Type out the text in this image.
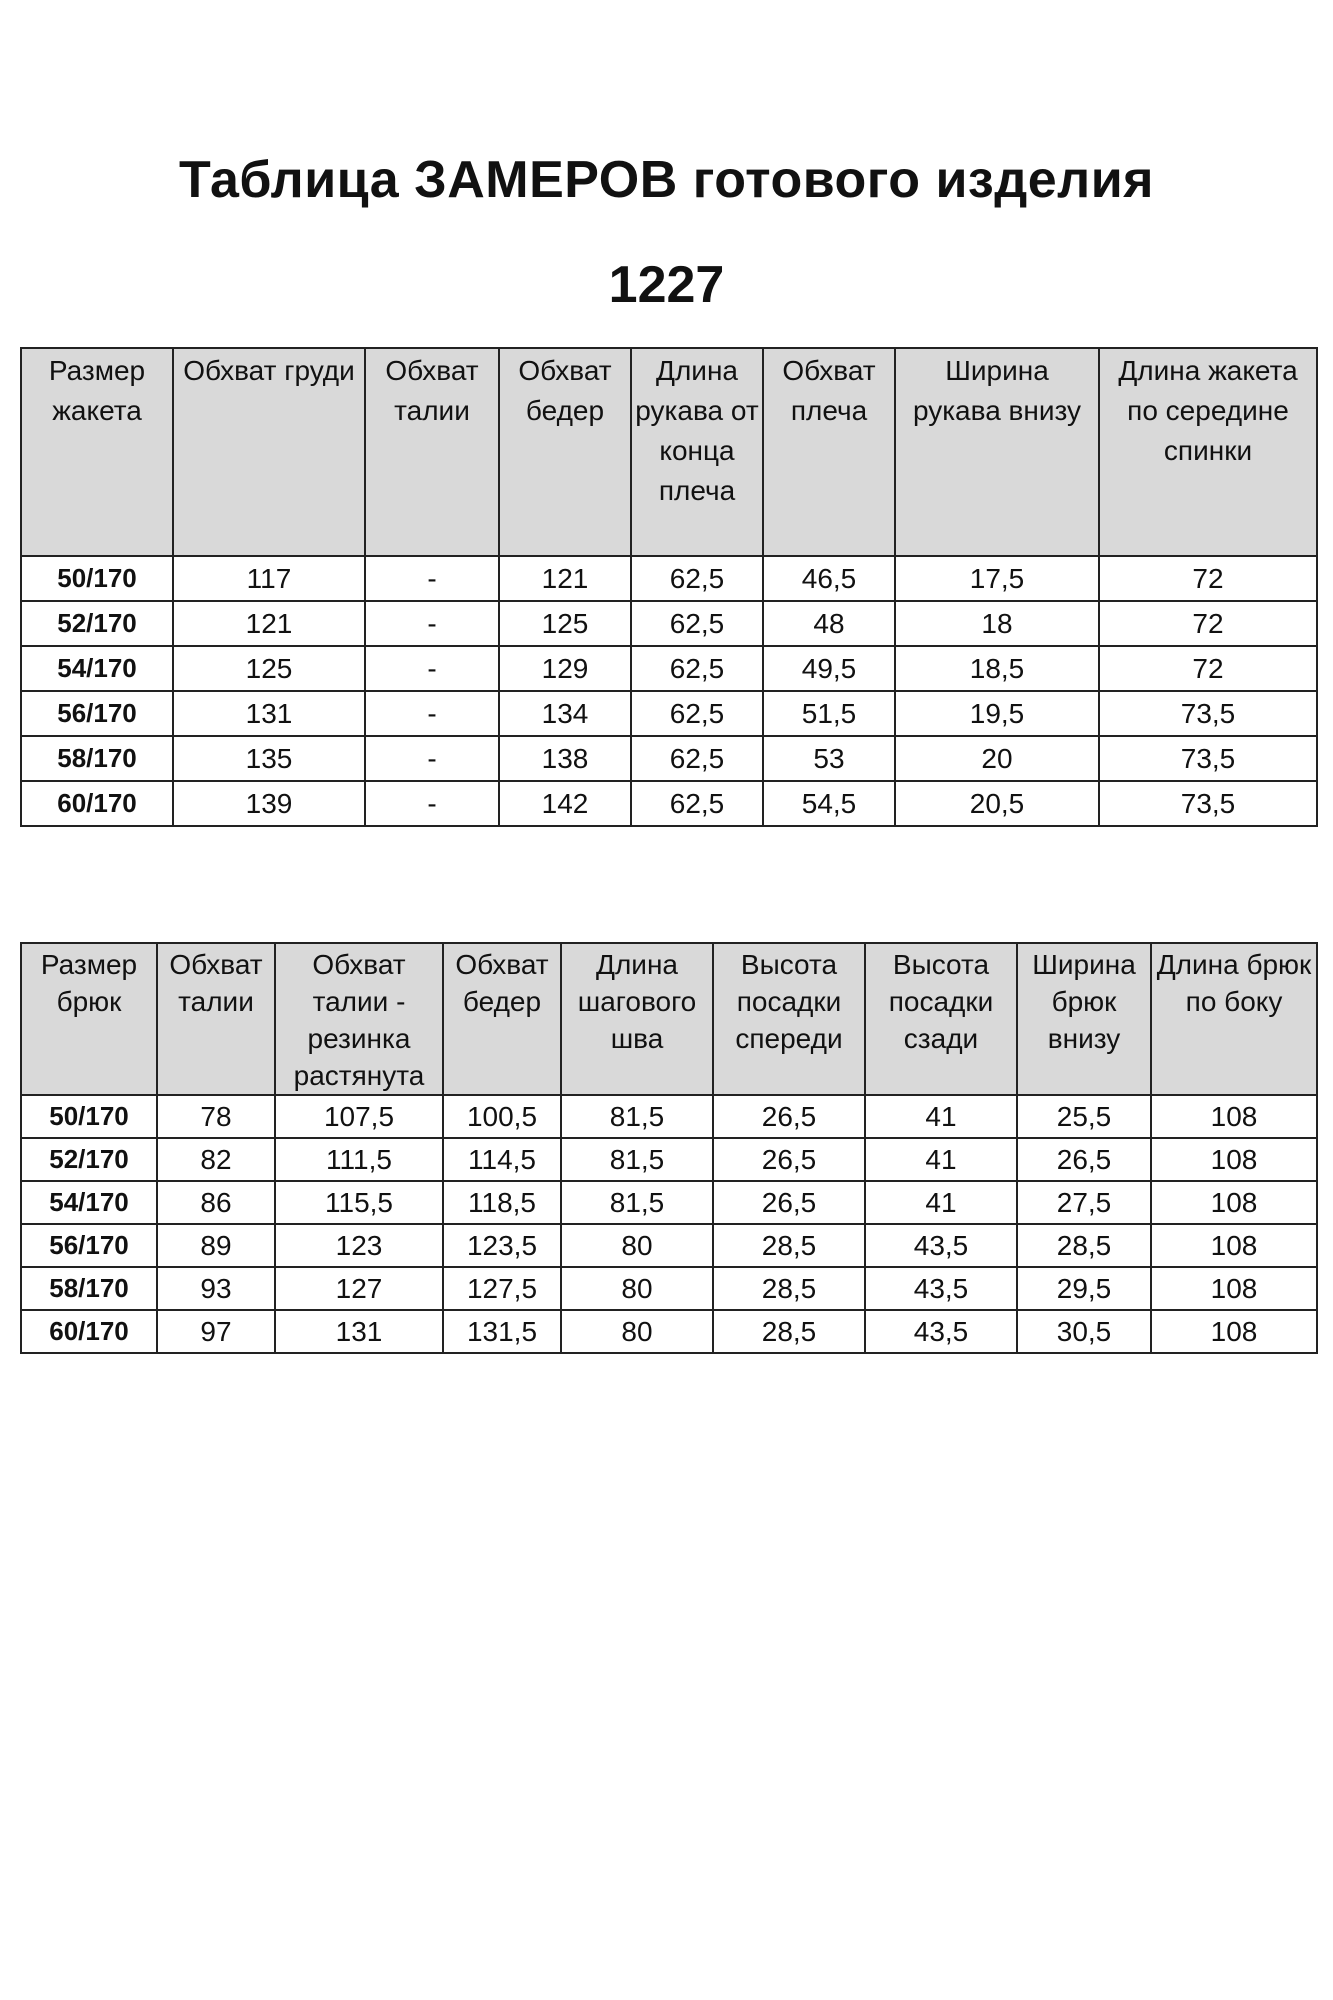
Таблица ЗАМЕРОВ готового изделия
1227
Размер жакета	Обхват груди	Обхват талии	Обхват бедер	Длина рукава от конца плеча	Обхват плеча	Ширина рукава внизу	Длина жакета по середине спинки
50/170	117	-	121	62,5	46,5	17,5	72
52/170	121	-	125	62,5	48	18	72
54/170	125	-	129	62,5	49,5	18,5	72
56/170	131	-	134	62,5	51,5	19,5	73,5
58/170	135	-	138	62,5	53	20	73,5
60/170	139	-	142	62,5	54,5	20,5	73,5
Размер брюк	Обхват талии	Обхват талии - резинка растянута	Обхват бедер	Длина шагового шва	Высота посадки спереди	Высота посадки сзади	Ширина брюк внизу	Длина брюк по боку
50/170	78	107,5	100,5	81,5	26,5	41	25,5	108
52/170	82	111,5	114,5	81,5	26,5	41	26,5	108
54/170	86	115,5	118,5	81,5	26,5	41	27,5	108
56/170	89	123	123,5	80	28,5	43,5	28,5	108
58/170	93	127	127,5	80	28,5	43,5	29,5	108
60/170	97	131	131,5	80	28,5	43,5	30,5	108
